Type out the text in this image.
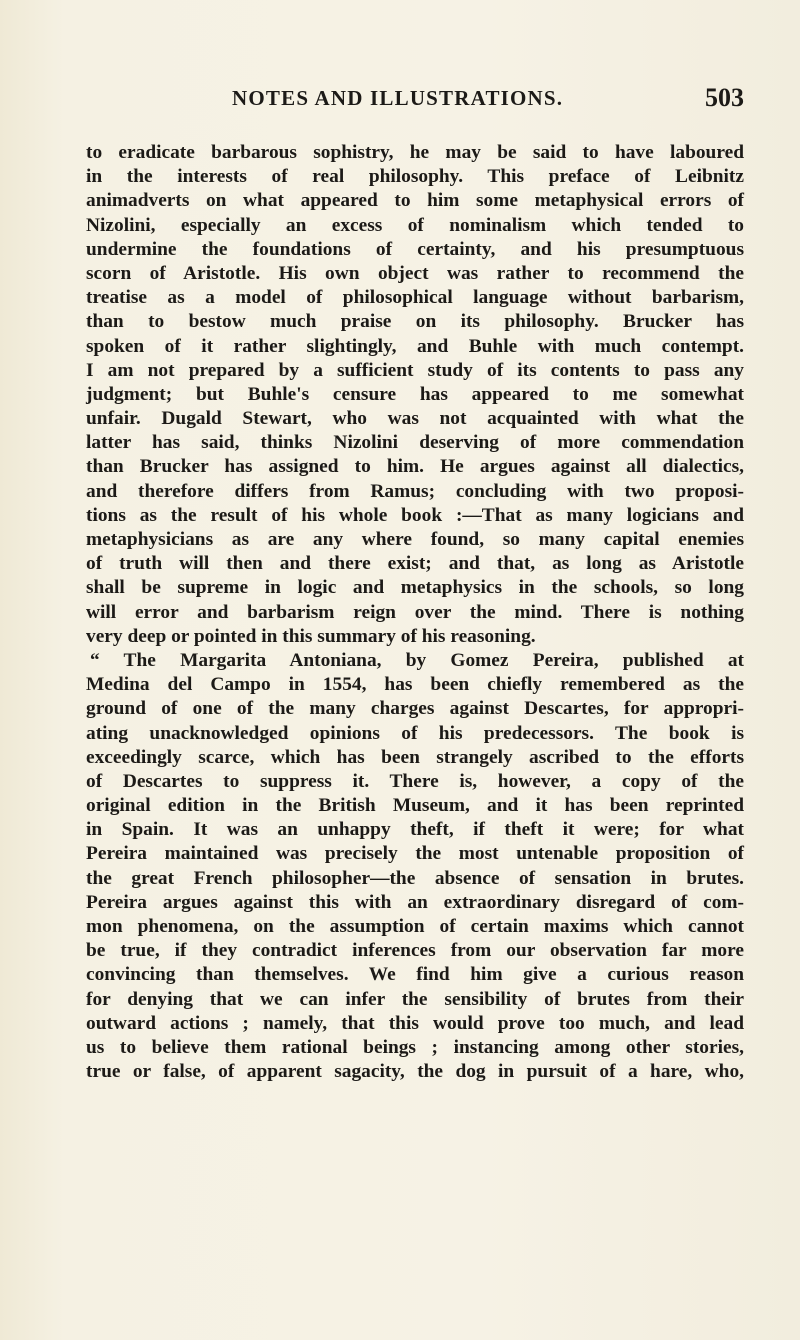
NOTES AND ILLUSTRATIONS.	503
to eradicate barbarous sophistry, he may be said to have laboured
in the interests of real philosophy. This preface of Leibnitz
animadverts on what appeared to him some metaphysical errors of
Nizolini, especially an excess of nominalism which tended to
undermine the foundations of certainty, and his presumptuous
scorn of Aristotle. His own object was rather to recommend the
treatise as a model of philosophical language without barbarism,
than to bestow much praise on its philosophy. Brucker has
spoken of it rather slightingly, and Buhle with much contempt.
I am not prepared by a sufficient study of its contents to pass any
judgment; but Buhle's censure has appeared to me somewhat
unfair. Dugald Stewart, who was not acquainted with what the
latter has said, thinks Nizolini deserving of more commendation
than Brucker has assigned to him. He argues against all dialectics,
and therefore differs from Ramus; concluding with two proposi-
tions as the result of his whole book :—That as many logicians and
metaphysicians as are any where found, so many capital enemies
of truth will then and there exist; and that, as long as Aristotle
shall be supreme in logic and metaphysics in the schools, so long
will error and barbarism reign over the mind. There is nothing
very deep or pointed in this summary of his reasoning.
“ The Margarita Antoniana, by Gomez Pereira, published at
Medina del Campo in 1554, has been chiefly remembered as the
ground of one of the many charges against Descartes, for appropri-
ating unacknowledged opinions of his predecessors. The book is
exceedingly scarce, which has been strangely ascribed to the efforts
of Descartes to suppress it. There is, however, a copy of the
original edition in the British Museum, and it has been reprinted
in Spain. It was an unhappy theft, if theft it were; for what
Pereira maintained was precisely the most untenable proposition of
the great French philosopher—the absence of sensation in brutes.
Pereira argues against this with an extraordinary disregard of com-
mon phenomena, on the assumption of certain maxims which cannot
be true, if they contradict inferences from our observation far more
convincing than themselves. We find him give a curious reason
for denying that we can infer the sensibility of brutes from their
outward actions ; namely, that this would prove too much, and lead
us to believe them rational beings ; instancing among other stories,
true or false, of apparent sagacity, the dog in pursuit of a hare, who,
